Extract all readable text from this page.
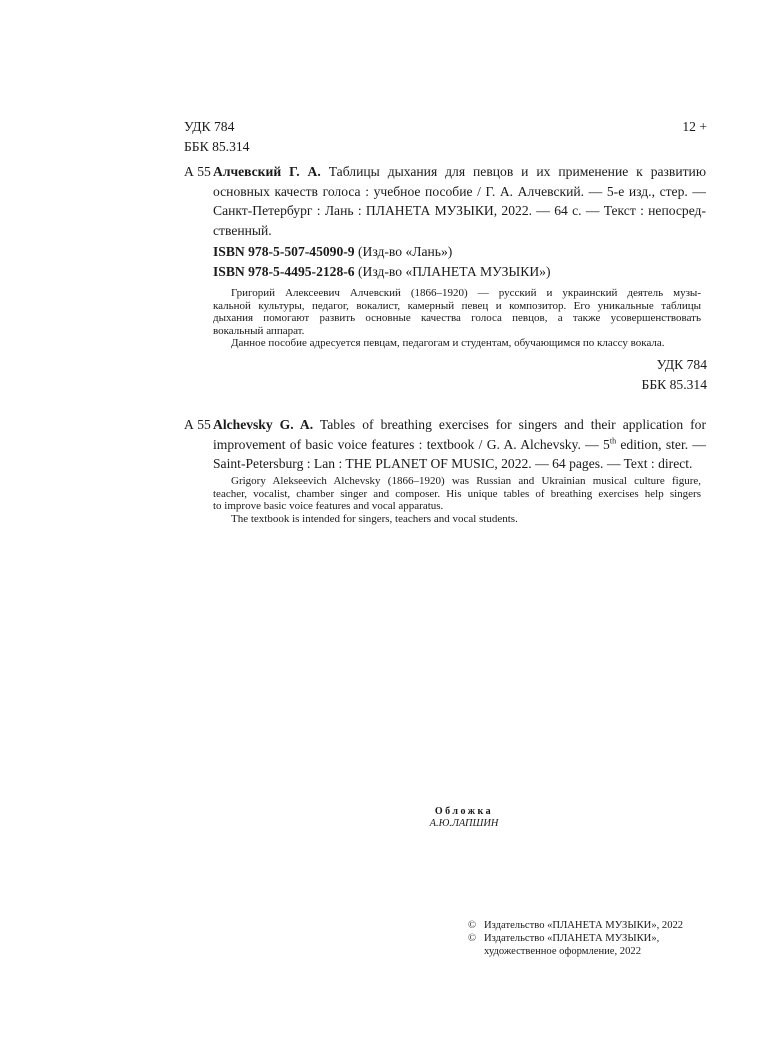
УДК 784
ББК 85.314
12 +
А 55 Алчевский Г. А. Таблицы дыхания для певцов и их применение к развитию
основных качеств голоса : учебное пособие / Г. А. Алчевский. — 5-е изд., стер. —
Санкт-Петербург : Лань : ПЛАНЕТА МУЗЫКИ, 2022. — 64 с. — Текст : непосред-
ственный.
ISBN 978-5-507-45090-9 (Изд-во «Лань»)
ISBN 978-5-4495-2128-6 (Изд-во «ПЛАНЕТА МУЗЫКИ»)
Григорий Алексеевич Алчевский (1866–1920) — русский и украинский деятель музы-
кальной культуры, педагог, вокалист, камерный певец и композитор. Его уникальные таблицы
дыхания помогают развить основные качества голоса певцов, а также усовершенствовать
вокальный аппарат.
Данное пособие адресуется певцам, педагогам и студентам, обучающимся по классу вокала.
УДК 784
ББК 85.314
А 55 Alchevsky G. A. Tables of breathing exercises for singers and their application for
improvement of basic voice features : textbook / G. A. Alchevsky. — 5th edition, ster. —
Saint-Petersburg : Lan : THE PLANET OF MUSIC, 2022. — 64 pages. — Text : direct.
Grigory Alekseevich Alchevsky (1866–1920) was Russian and Ukrainian musical culture figure,
teacher, vocalist, chamber singer and composer. His unique tables of breathing exercises help singers
to improve basic voice features and vocal apparatus.
The textbook is intended for singers, teachers and vocal students.
Обложка
А.Ю.ЛАПШИН
© Издательство «ПЛАНЕТА МУЗЫКИ», 2022
© Издательство «ПЛАНЕТА МУЗЫКИ»,
художественное оформление, 2022
